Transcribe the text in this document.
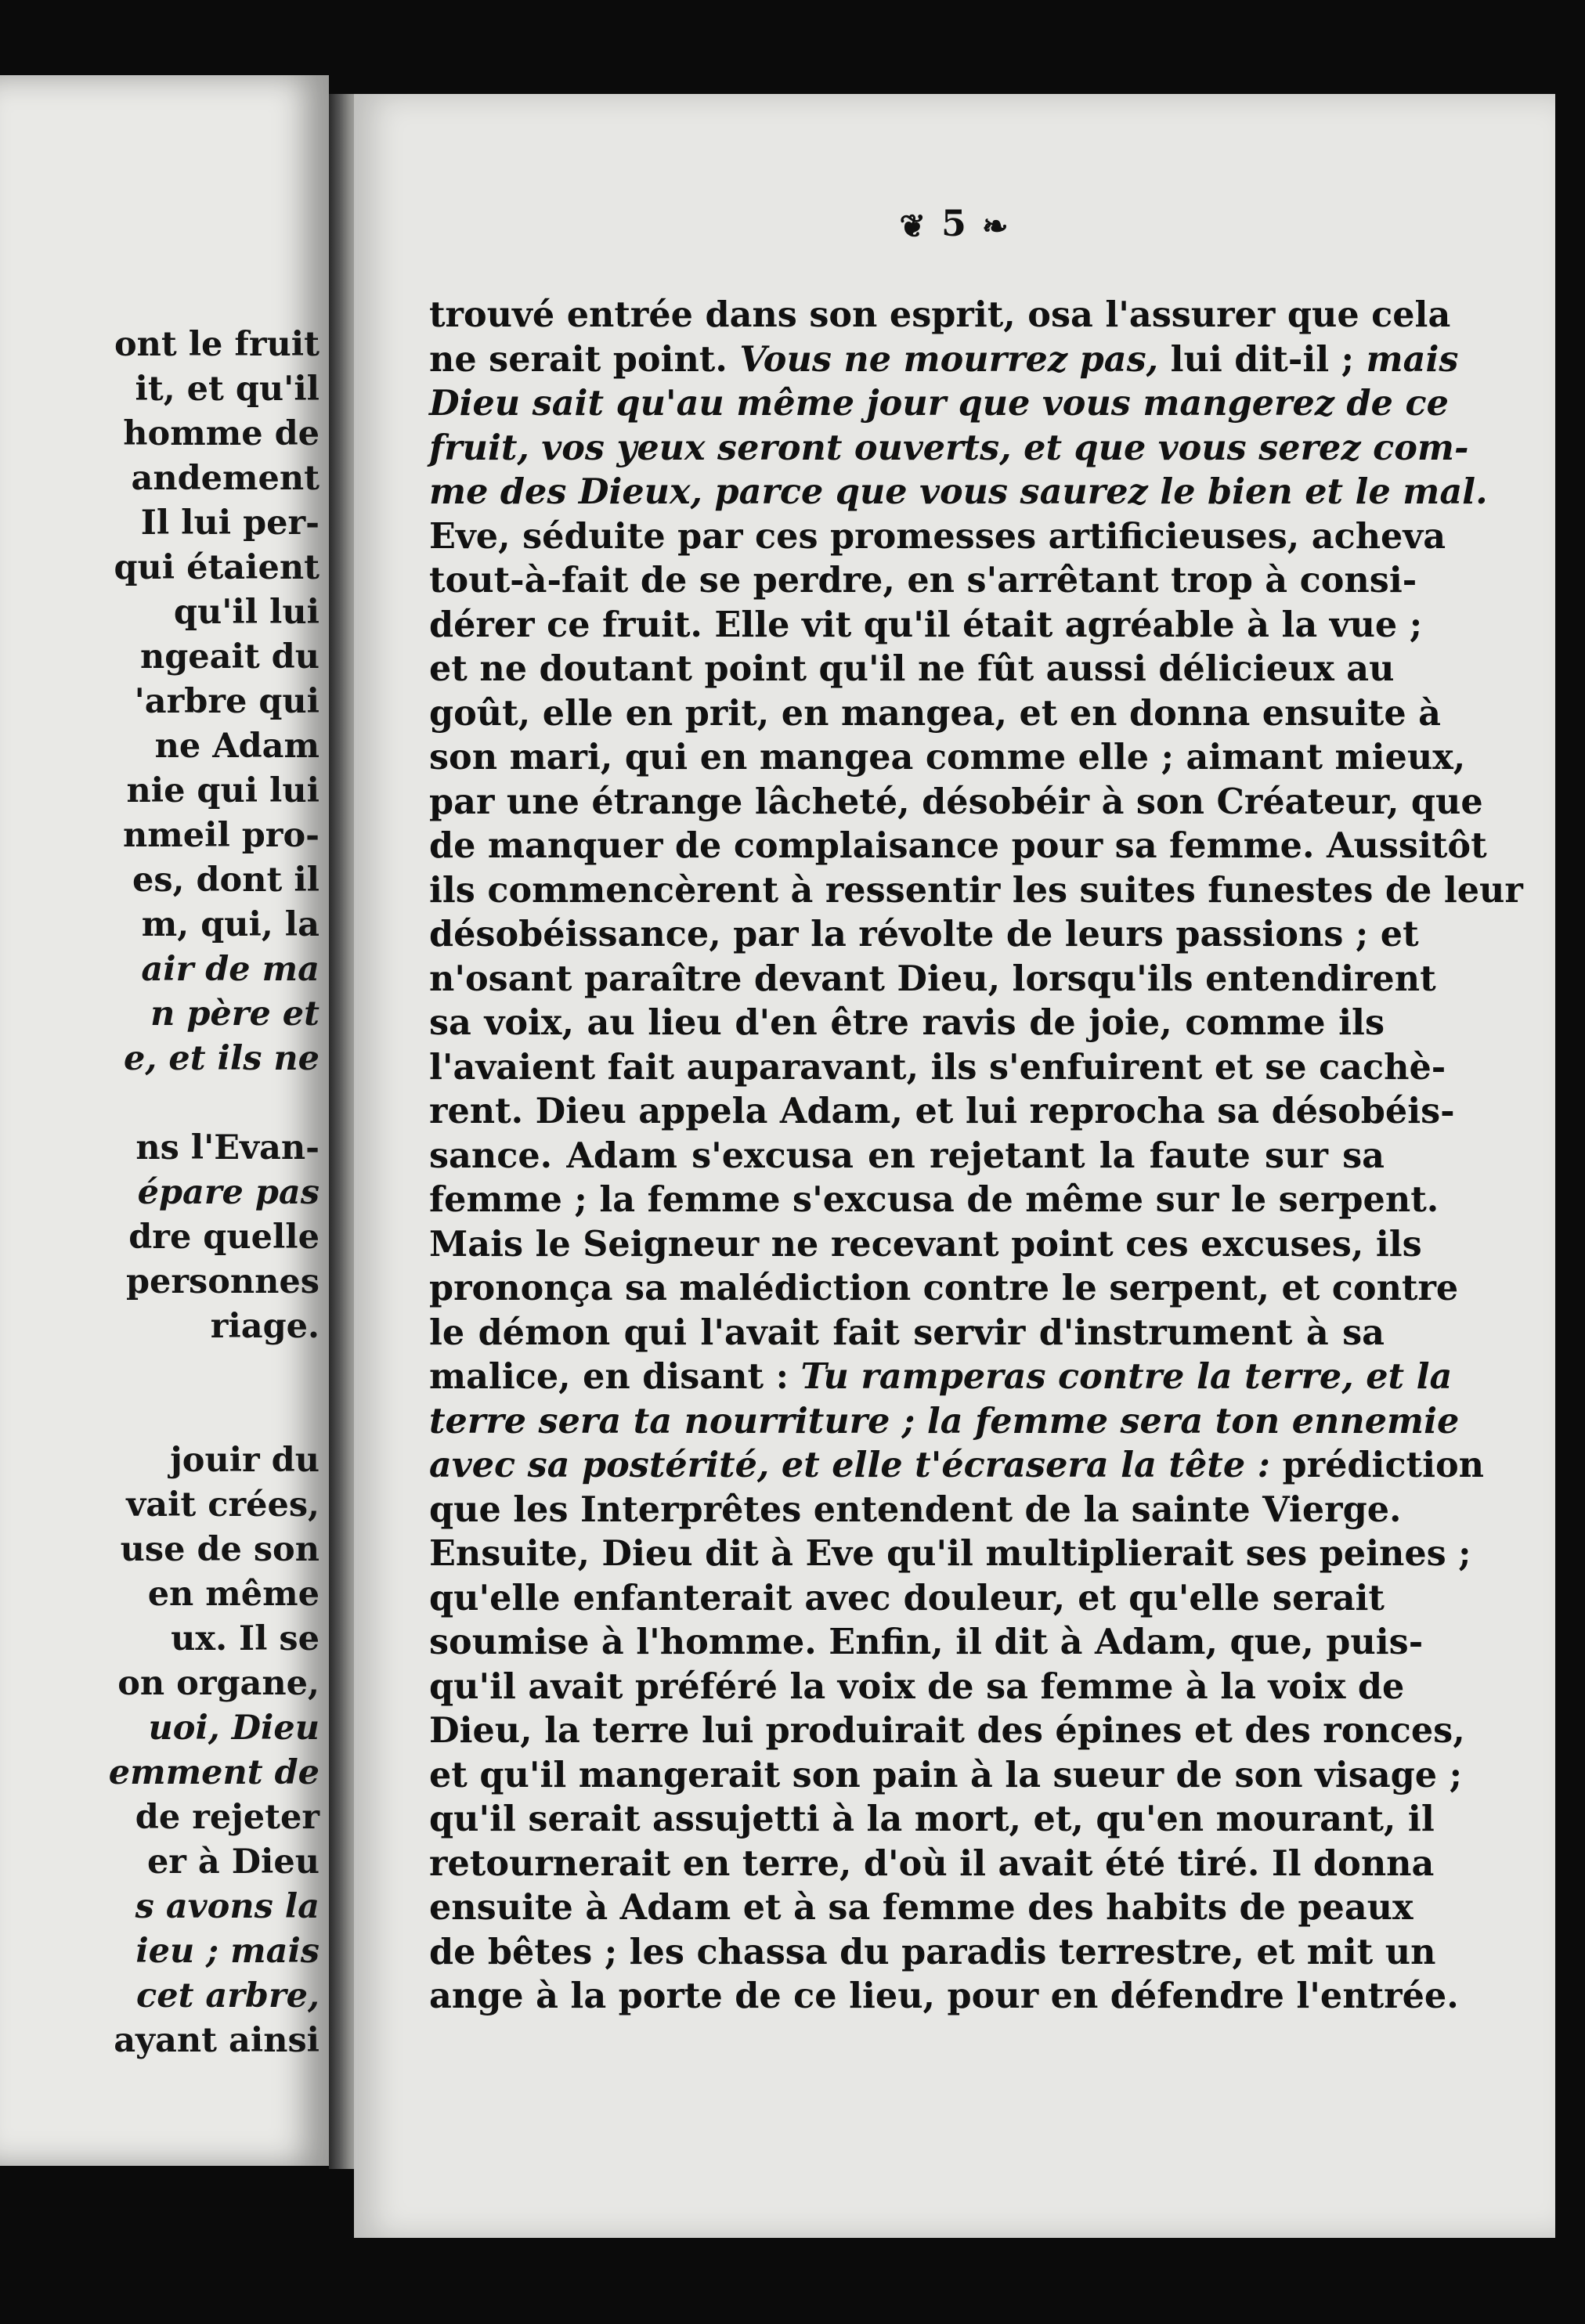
ont le fruit
it, et qu'il
homme de
andement
Il lui per-
qui étaient
qu'il lui
ngeait du
'arbre qui
ne Adam
nie qui lui
nmeil pro-
es, dont il
m, qui, la
air de ma
n père et
e, et ils ne
ns l'Evan-
épare pas
dre quelle
personnes
riage.
jouir du
vait crées,
use de son
en même
ux. Il se
on organe,
uoi, Dieu
emment de
de rejeter
er à Dieu
s avons la
ieu ; mais
cet arbre,
ayant ainsi
❦ 5 ❧
trouvé entrée dans son esprit, osa l'assurer que cela
ne serait point. Vous ne mourrez pas, lui dit-il ; mais
Dieu sait qu'au même jour que vous mangerez de ce
fruit, vos yeux seront ouverts, et que vous serez com-
me des Dieux, parce que vous saurez le bien et le mal.
Eve, séduite par ces promesses artificieuses, acheva
tout-à-fait de se perdre, en s'arrêtant trop à consi-
dérer ce fruit. Elle vit qu'il était agréable à la vue ;
et ne doutant point qu'il ne fût aussi délicieux au
goût, elle en prit, en mangea, et en donna ensuite à
son mari, qui en mangea comme elle ; aimant mieux,
par une étrange lâcheté, désobéir à son Créateur, que
de manquer de complaisance pour sa femme. Aussitôt
ils commencèrent à ressentir les suites funestes de leur
désobéissance, par la révolte de leurs passions ; et
n'osant paraître devant Dieu, lorsqu'ils entendirent
sa voix, au lieu d'en être ravis de joie, comme ils
l'avaient fait auparavant, ils s'enfuirent et se cachè-
rent. Dieu appela Adam, et lui reprocha sa désobéis-
sance. Adam s'excusa en rejetant la faute sur sa
femme ; la femme s'excusa de même sur le serpent.
Mais le Seigneur ne recevant point ces excuses, ils
prononça sa malédiction contre le serpent, et contre
le démon qui l'avait fait servir d'instrument à sa
malice, en disant : Tu ramperas contre la terre, et la
terre sera ta nourriture ; la femme sera ton ennemie
avec sa postérité, et elle t'écrasera la tête : prédiction
que les Interprêtes entendent de la sainte Vierge.
Ensuite, Dieu dit à Eve qu'il multiplierait ses peines ;
qu'elle enfanterait avec douleur, et qu'elle serait
soumise à l'homme. Enfin, il dit à Adam, que, puis-
qu'il avait préféré la voix de sa femme à la voix de
Dieu, la terre lui produirait des épines et des ronces,
et qu'il mangerait son pain à la sueur de son visage ;
qu'il serait assujetti à la mort, et, qu'en mourant, il
retournerait en terre, d'où il avait été tiré. Il donna
ensuite à Adam et à sa femme des habits de peaux
de bêtes ; les chassa du paradis terrestre, et mit un
ange à la porte de ce lieu, pour en défendre l'entrée.
